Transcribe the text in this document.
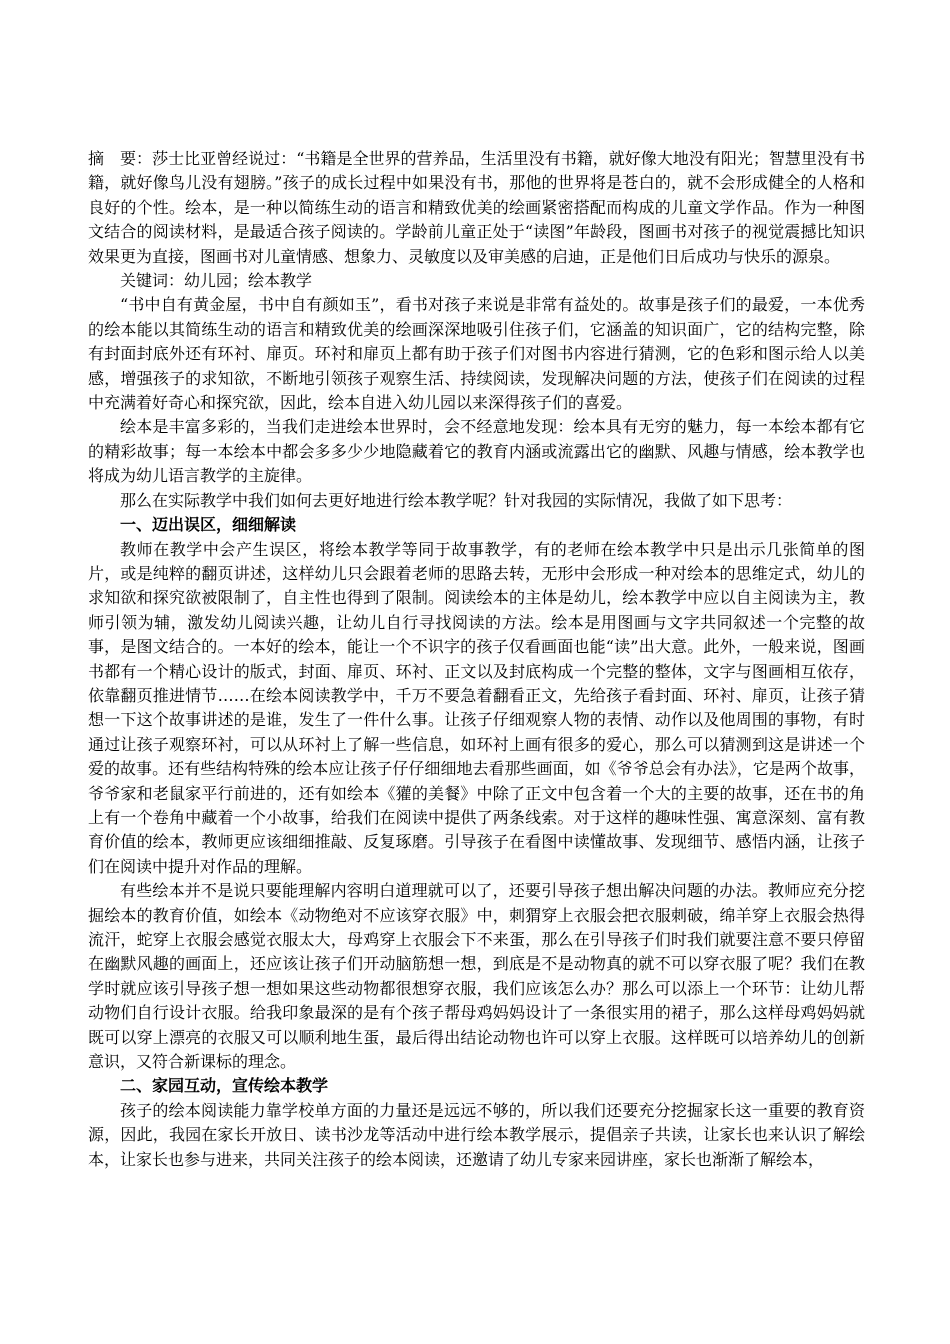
摘　要：莎士比亚曾经说过：“书籍是全世界的营养品，生活里没有书籍，就好像大地没有阳光；智慧里没有书籍，就好像鸟儿没有翅膀。”孩子的成长过程中如果没有书，那他的世界将是苍白的，就不会形成健全的人格和良好的个性。绘本，是一种以简练生动的语言和精致优美的绘画紧密搭配而构成的儿童文学作品。作为一种图文结合的阅读材料，是最适合孩子阅读的。学龄前儿童正处于“读图”年龄段，图画书对孩子的视觉震撼比知识效果更为直接，图画书对儿童情感、想象力、灵敏度以及审美感的启迪，正是他们日后成功与快乐的源泉。

关键词：幼儿园；绘本教学

“书中自有黄金屋，书中自有颜如玉”，看书对孩子来说是非常有益处的。故事是孩子们的最爱，一本优秀的绘本能以其简练生动的语言和精致优美的绘画深深地吸引住孩子们，它涵盖的知识面广，它的结构完整，除有封面封底外还有环衬、扉页。环衬和扉页上都有助于孩子们对图书内容进行猜测，它的色彩和图示给人以美感，增强孩子的求知欲，不断地引领孩子观察生活、持续阅读，发现解决问题的方法，使孩子们在阅读的过程中充满着好奇心和探究欲，因此，绘本自进入幼儿园以来深得孩子们的喜爱。

绘本是丰富多彩的，当我们走进绘本世界时，会不经意地发现：绘本具有无穷的魅力，每一本绘本都有它的精彩故事；每一本绘本中都会多多少少地隐藏着它的教育内涵或流露出它的幽默、风趣与情感，绘本教学也将成为幼儿语言教学的主旋律。

那么在实际教学中我们如何去更好地进行绘本教学呢？针对我园的实际情况，我做了如下思考：

一、迈出误区，细细解读

教师在教学中会产生误区，将绘本教学等同于故事教学，有的老师在绘本教学中只是出示几张简单的图片，或是纯粹的翻页讲述，这样幼儿只会跟着老师的思路去转，无形中会形成一种对绘本的思维定式，幼儿的求知欲和探究欲被限制了，自主性也得到了限制。阅读绘本的主体是幼儿，绘本教学中应以自主阅读为主，教师引领为辅，激发幼儿阅读兴趣，让幼儿自行寻找阅读的方法。绘本是用图画与文字共同叙述一个完整的故事，是图文结合的。一本好的绘本，能让一个不识字的孩子仅看画面也能“读”出大意。此外，一般来说，图画书都有一个精心设计的版式，封面、扉页、环衬、正文以及封底构成一个完整的整体，文字与图画相互依存，依靠翻页推进情节……在绘本阅读教学中，千万不要急着翻看正文，先给孩子看封面、环衬、扉页，让孩子猜想一下这个故事讲述的是谁，发生了一件什么事。让孩子仔细观察人物的表情、动作以及他周围的事物，有时通过让孩子观察环衬，可以从环衬上了解一些信息，如环衬上画有很多的爱心，那么可以猜测到这是讲述一个爱的故事。还有些结构特殊的绘本应让孩子仔仔细细地去看那些画面，如《爷爷总会有办法》，它是两个故事，爷爷家和老鼠家平行前进的，还有如绘本《獾的美餐》中除了正文中包含着一个大的主要的故事，还在书的角上有一个卷角中藏着一个小故事，给我们在阅读中提供了两条线索。对于这样的趣味性强、寓意深刻、富有教育价值的绘本，教师更应该细细推敲、反复琢磨。引导孩子在看图中读懂故事、发现细节、感悟内涵，让孩子们在阅读中提升对作品的理解。

有些绘本并不是说只要能理解内容明白道理就可以了，还要引导孩子想出解决问题的办法。教师应充分挖掘绘本的教育价值，如绘本《动物绝对不应该穿衣服》中，刺猬穿上衣服会把衣服刺破，绵羊穿上衣服会热得流汗，蛇穿上衣服会感觉衣服太大，母鸡穿上衣服会下不来蛋，那么在引导孩子们时我们就要注意不要只停留在幽默风趣的画面上，还应该让孩子们开动脑筋想一想，到底是不是动物真的就不可以穿衣服了呢？我们在教学时就应该引导孩子想一想如果这些动物都很想穿衣服，我们应该怎么办？那么可以添上一个环节：让幼儿帮动物们自行设计衣服。给我印象最深的是有个孩子帮母鸡妈妈设计了一条很实用的裙子，那么这样母鸡妈妈就既可以穿上漂亮的衣服又可以顺利地生蛋，最后得出结论动物也许可以穿上衣服。这样既可以培养幼儿的创新意识，又符合新课标的理念。

二、家园互动，宣传绘本教学

孩子的绘本阅读能力靠学校单方面的力量还是远远不够的，所以我们还要充分挖掘家长这一重要的教育资源，因此，我园在家长开放日、读书沙龙等活动中进行绘本教学展示，提倡亲子共读，让家长也来认识了解绘本，让家长也参与进来，共同关注孩子的绘本阅读，还邀请了幼儿专家来园讲座，家长也渐渐了解绘本，
